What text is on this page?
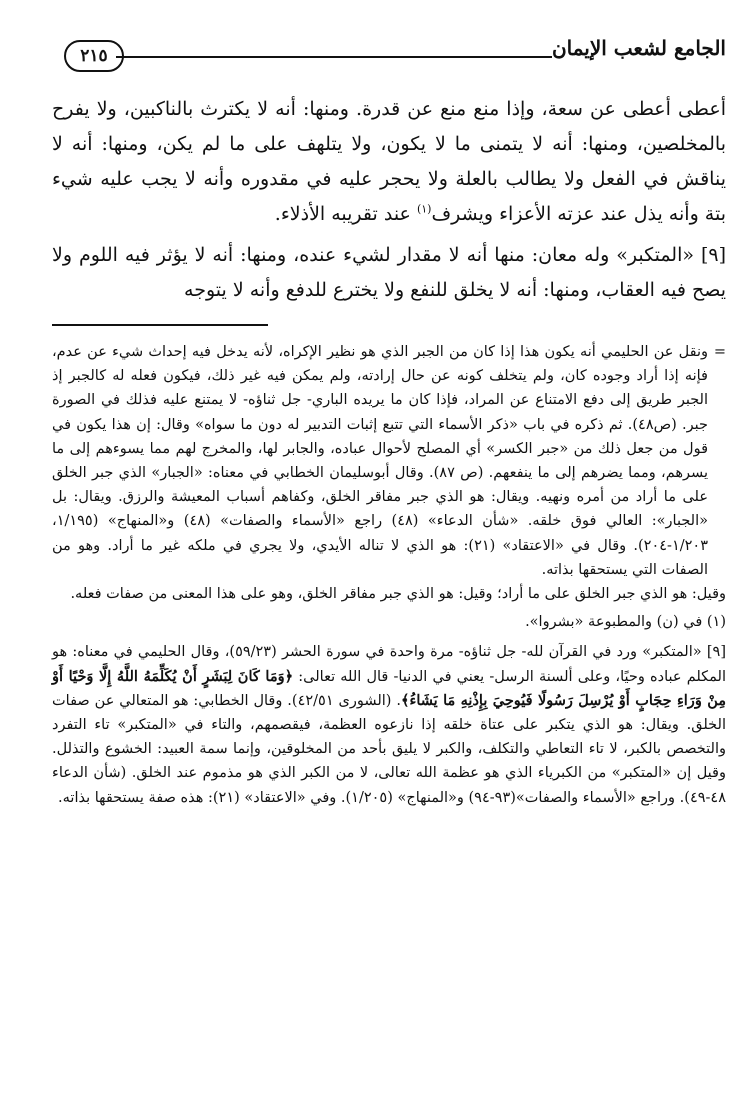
الجامع لشعب الإيمان
٢١٥

أعطى أعطى عن سعة، وإذا منع منع عن قدرة. ومنها: أنه لا يكترث بالناكبين، ولا يفرح بالمخلصين، ومنها: أنه لا يتمنى ما لا يكون، ولا يتلهف على ما لم يكن، ومنها: أنه لا يناقش في الفعل ولا يطالب بالعلة ولا يحجر عليه في مقدوره وأنه لا يجب عليه شيء بتة وأنه يذل عند عزته الأعزاء ويشرف$^{(١)}$ عند تقريبه الأذلاء.

[٩] «المتكبر» وله معان: منها أنه لا مقدار لشيء عنده، ومنها: أنه لا يؤثر فيه اللوم ولا يصح فيه العقاب، ومنها: أنه لا يخلق للنفع ولا يخترع للدفع وأنه لا يتوجه

=
ونقل عن الحليمي أنه يكون هذا إذا كان من الجبر الذي هو نظير الإكراه، لأنه يدخل فيه إحداث شيء عن عدم، فإنه إذا أراد وجوده كان، ولم يتخلف كونه عن حال إرادته، ولم يمكن فيه غير ذلك، فيكون فعله له كالجبر إذ الجبر طريق إلى دفع الامتناع عن المراد، فإذا كان ما يريده الباري- جل ثناؤه- لا يمتنع عليه فذلك في الصورة جبر. (ص٤٨). ثم ذكره في باب «ذكر الأسماء التي تتبع إثبات التدبير له دون ما سواه» وقال: إن هذا يكون في قول من جعل ذلك من «جبر الكسر» أي المصلح لأحوال عباده، والجابر لها، والمخرج لهم مما يسوءهم إلى ما يسرهم، ومما يضرهم إلى ما ينفعهم. (ص ٨٧). وقال أبوسليمان الخطابي في معناه: «الجبار» الذي جبر الخلق على ما أراد من أمره ونهيه. ويقال: هو الذي جبر مفاقر الخلق، وكفاهم أسباب المعيشة والرزق. ويقال: بل «الجبار»: العالي فوق خلقه. «شأن الدعاء» (٤٨) راجع «الأسماء والصفات» (٤٨) و«المنهاج» (١/١٩٥، ١/٢٠٣-٢٠٤). وقال في «الاعتقاد» (٢١): هو الذي لا تناله الأيدي، ولا يجري في ملكه غير ما أراد. وهو من الصفات التي يستحقها بذاته.

وقيل: هو الذي جبر الخلق على ما أراد؛ وقيل: هو الذي جبر مفاقر الخلق، وهو على هذا المعنى من صفات فعله.

(١) في (ن) والمطبوعة «بشروا».

[٩] «المتكبر» ورد في القرآن لله- جل ثناؤه- مرة واحدة في سورة الحشر (٥٩/٢٣)، وقال الحليمي في معناه: هو المكلم عباده وحيًا، وعلى ألسنة الرسل- يعني في الدنيا- قال الله تعالى: ﴿وَمَا كَانَ لِبَشَرٍ أَنْ يُكَلِّمَهُ اللَّهُ إِلَّا وَحْيًا أَوْ مِنْ وَرَاءِ حِجَابٍ أَوْ يُرْسِلَ رَسُولًا فَيُوحِيَ بِإِذْنِهِ مَا يَشَاءُ﴾. (الشورى ٤٢/٥١). وقال الخطابي: هو المتعالي عن صفات الخلق. ويقال: هو الذي يتكبر على عتاة خلقه إذا نازعوه العظمة، فيقصمهم، والتاء في «المتكبر» تاء التفرد والتخصص بالكبر، لا تاء التعاطي والتكلف، والكبر لا يليق بأحد من المخلوقين، وإنما سمة العبيد: الخشوع والتذلل. وقيل إن «المتكبر» من الكبرياء الذي هو عظمة الله تعالى، لا من الكبر الذي هو مذموم عند الخلق. (شأن الدعاء ٤٨-٤٩). وراجع «الأسماء والصفات»(٩٣-٩٤) و«المنهاج» (١/٢٠٥). وفي «الاعتقاد» (٢١): هذه صفة يستحقها بذاته.
